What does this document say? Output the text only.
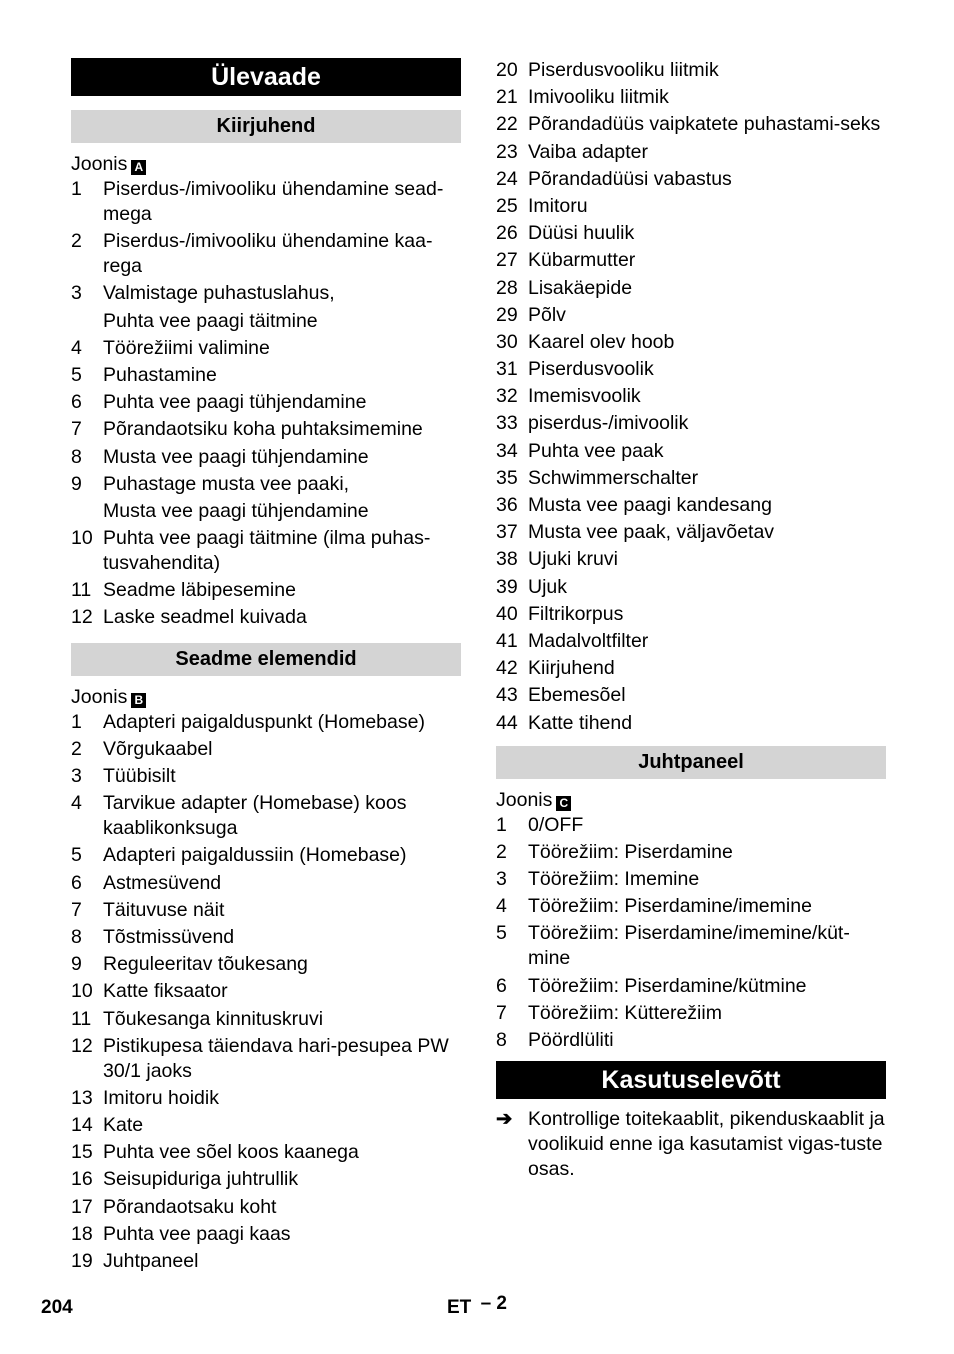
Ülevaade
Kiirjuhend
Joonis A
1	Piserdus-/imivooliku ühendamine sead-mega
2	Piserdus-/imivooliku ühendamine kaa-rega
3	Valmistage puhastuslahus,
Puhta vee paagi täitmine
4	Töörežiimi valimine
5	Puhastamine
6	Puhta vee paagi tühjendamine
7	Põrandaotsiku koha puhtaksimemine
8	Musta vee paagi tühjendamine
9	Puhastage musta vee paaki,
Musta vee paagi tühjendamine
10 Puhta vee paagi täitmine (ilma puhas-tusvahendita)
11 Seadme läbipesemine
12 Laske seadmel kuivada
Seadme elemendid
Joonis B
1	Adapteri paigalduspunkt (Homebase)
2	Võrgukaabel
3	Tüübisilt
4	Tarvikue adapter (Homebase) koos kaablikonksuga
5	Adapteri paigaldussiin (Homebase)
6	Astmesüvend
7	Täituvuse näit
8	Tõstmissüvend
9	Reguleeritav tõukesang
10 Katte fiksaator
11 Tõukesanga kinnituskruvi
12 Pistikupesa täiendava hari-pesupea PW 30/1 jaoks
13 Imitoru hoidik
14 Kate
15 Puhta vee sõel koos kaanega
16 Seisupiduriga juhtrullik
17 Põrandaotsaku koht
18 Puhta vee paagi kaas
19 Juhtpaneel
20 Piserdusvooliku liitmik
21 Imivooliku liitmik
22 Põrandadüüs vaipkatete puhastami-seks
23 Vaiba adapter
24 Põrandadüüsi vabastus
25 Imitoru
26 Düüsi huulik
27 Kübarmutter
28 Lisakäepide
29 Põlv
30 Kaarel olev hoob
31 Piserdusvoolik
32 Imemisvoolik
33 piserdus-/imivoolik
34 Puhta vee paak
35 Schwimmerschalter
36 Musta vee paagi kandesang
37 Musta vee paak, väljavõetav
38 Ujuki kruvi
39 Ujuk
40 Filtrikorpus
41 Madalvoltfilter
42 Kiirjuhend
43 Ebemesõel
44 Katte tihend
Juhtpaneel
Joonis C
1	0/OFF
2	Töörežiim: Piserdamine
3	Töörežiim: Imemine
4	Töörežiim: Piserdamine/imemine
5	Töörežiim: Piserdamine/imemine/küt-mine
6	Töörežiim: Piserdamine/kütmine
7	Töörežiim: Kütterežiim
8	Pöördlüliti
Kasutuselevõtt
➔ Kontrollige toitekaablit, pikenduskaablit ja voolikuid enne iga kasutamist vigas-tuste osas.
204	ET – 2
